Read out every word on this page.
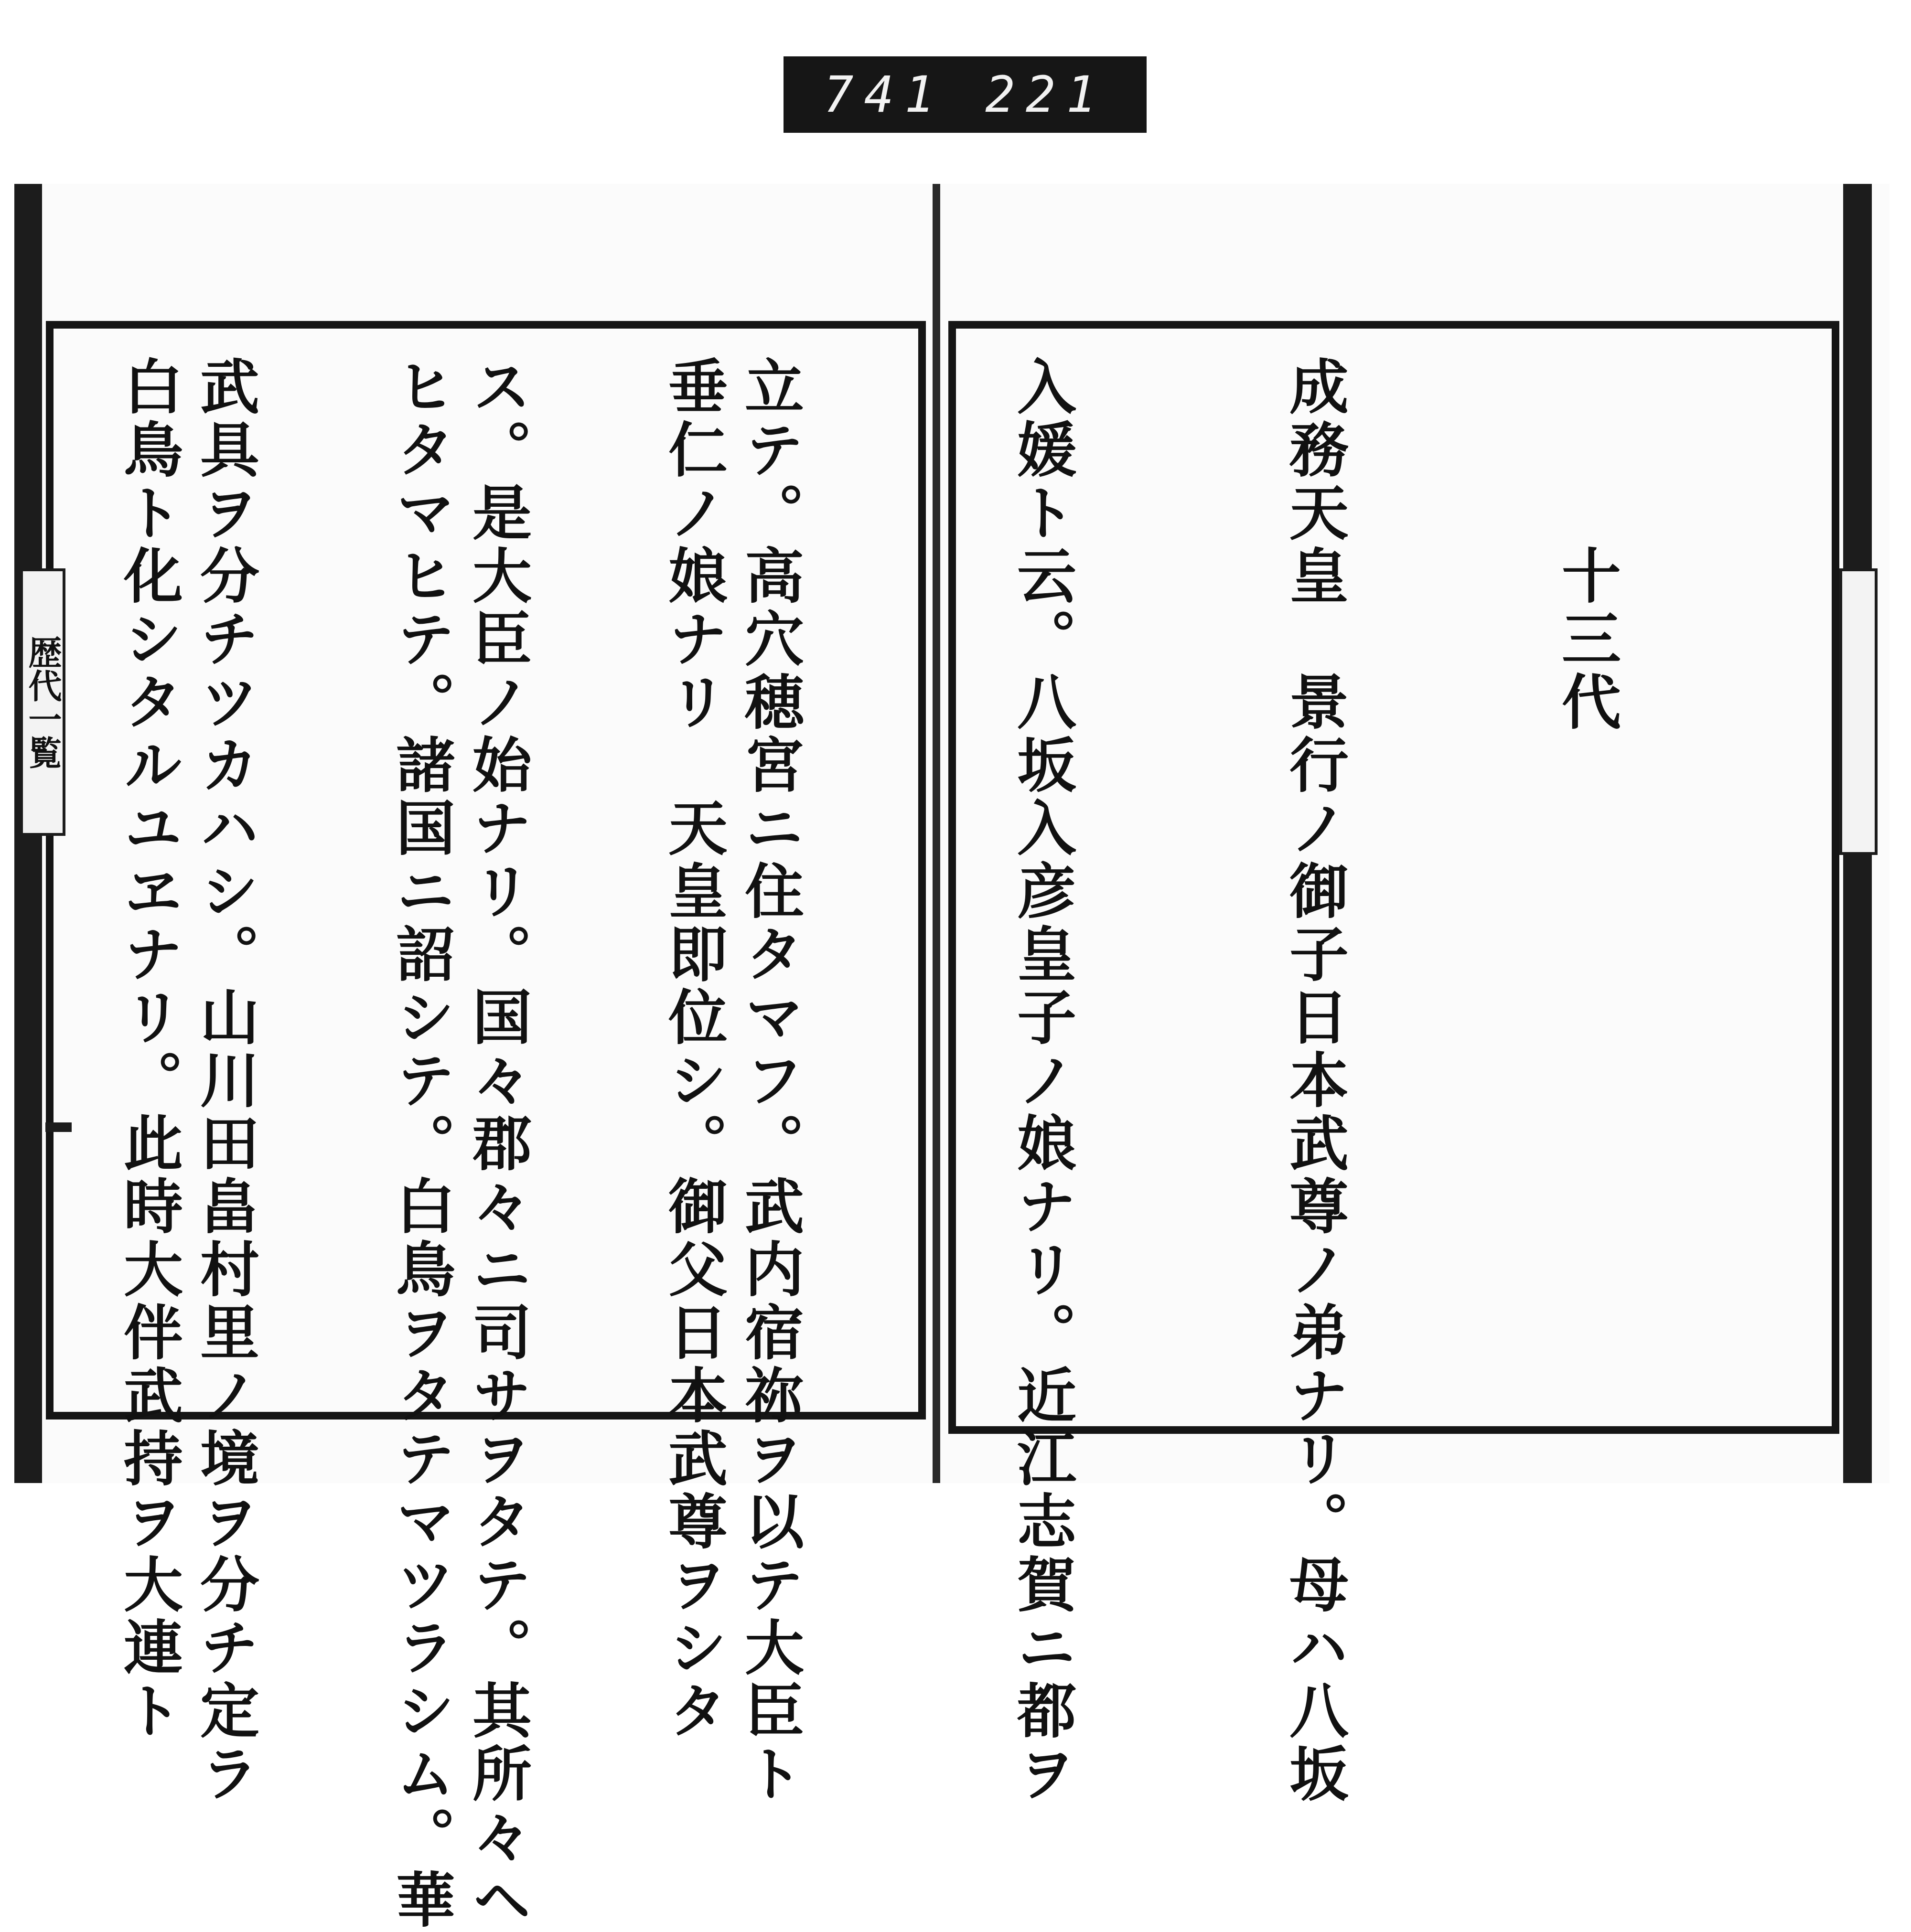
741 221
歴代一覧

	　　　十三代

成務天皇　景行ノ御子日本武尊ノ弟ナリ。母ハ八坂

入媛ト云。八坂入彦皇子ノ娘ナリ。近江志賀ニ都ヲ

立テ。高穴穂宮ニ住タマフ。武内宿祢ヲ以テ大臣ト

ス。是大臣ノ始ナリ。国々郡々ニ司サヲタテ。其所々ヘ

武具ヲ分チツカハシ。山川田畠村里ノ境ヲ分チ定ラ

	垂仁ノ娘ナリ　天皇即位シ。御父日本武尊ヲシタ

ヒタマヒテ。諸国ニ詔シテ。白鳥ヲタテマツラシム。華

白鳥ト化シタルユヱナリ。此時大伴武持ヲ大連ト
